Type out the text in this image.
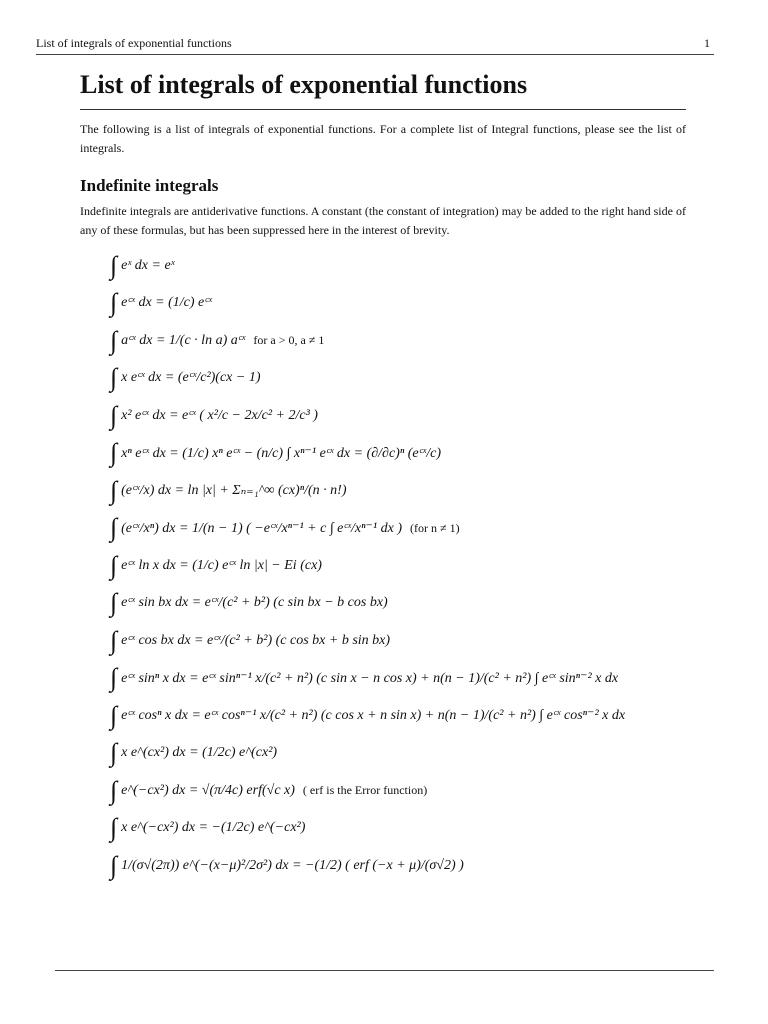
List of integrals of exponential functions	1
List of integrals of exponential functions

The following is a list of integrals of exponential functions. For a complete list of Integral functions, please see the list of integrals.

Indefinite integrals

Indefinite integrals are antiderivative functions. A constant (the constant of integration) may be added to the right hand side of any of these formulas, but has been suppressed here in the interest of brevity.

∫ eˣ dx = eˣ
∫ eᶜˣ dx = (1/c) eᶜˣ
∫ aᶜˣ dx = 1/(c · ln a) aᶜˣ for a > 0, a ≠ 1
∫ x eᶜˣ dx = (eᶜˣ/c²)(cx − 1)
∫ x² eᶜˣ dx = eᶜˣ ( x²/c − 2x/c² + 2/c³ )
∫ xⁿ eᶜˣ dx = (1/c) xⁿ eᶜˣ − (n/c) ∫ xⁿ⁻¹ eᶜˣ dx = (∂/∂c)ⁿ (eᶜˣ/c)
∫ (eᶜˣ/x) dx = ln |x| + Σₙ₌₁^∞ (cx)ⁿ/(n · n!)
∫ (eᶜˣ/xⁿ) dx = 1/(n − 1) ( −eᶜˣ/xⁿ⁻¹ + c ∫ eᶜˣ/xⁿ⁻¹ dx ) (for n ≠ 1)
∫ eᶜˣ ln x dx = (1/c) eᶜˣ ln |x| − Ei (cx)
∫ eᶜˣ sin bx dx = eᶜˣ/(c² + b²) (c sin bx − b cos bx)
∫ eᶜˣ cos bx dx = eᶜˣ/(c² + b²) (c cos bx + b sin bx)
∫ eᶜˣ sinⁿ x dx = eᶜˣ sinⁿ⁻¹ x/(c² + n²) (c sin x − n cos x) + n(n − 1)/(c² + n²) ∫ eᶜˣ sinⁿ⁻² x dx
∫ eᶜˣ cosⁿ x dx = eᶜˣ cosⁿ⁻¹ x/(c² + n²) (c cos x + n sin x) + n(n − 1)/(c² + n²) ∫ eᶜˣ cosⁿ⁻² x dx
∫ x e^(cx²) dx = (1/2c) e^(cx²)
∫ e^(−cx²) dx = √(π/4c) erf(√c x) ( erf is the Error function)
∫ x e^(−cx²) dx = −(1/2c) e^(−cx²)
∫ 1/(σ√(2π)) e^(−(x−μ)²/2σ²) dx = −(1/2) ( erf (−x + μ)/(σ√2) )
